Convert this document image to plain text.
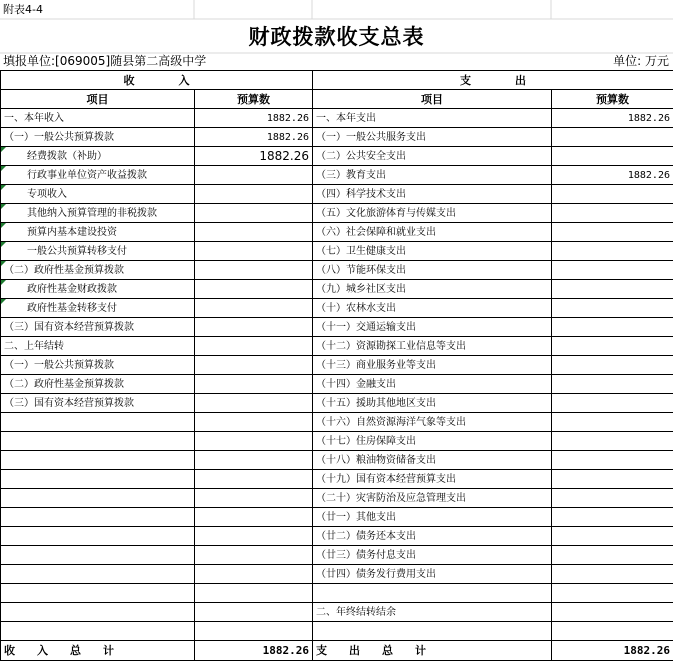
附表4-4
财政拨款收支总表
填报单位:[069005]随县第二高级中学	单位: 万元
收　　　　入		支　　　　出	
项目	预算数	项目	预算数
一、本年收入	1882.26	一、本年支出	1882.26
（一）一般公共预算拨款	1882.26	（一）一般公共服务支出	
经费拨款（补助）	1882.26	（二）公共安全支出	
行政事业单位资产收益拨款		（三）教育支出	1882.26
专项收入		（四）科学技术支出	
其他纳入预算管理的非税拨款		（五）文化旅游体育与传媒支出	
预算内基本建设投资		（六）社会保障和就业支出	
一般公共预算转移支付		（七）卫生健康支出	
（二）政府性基金预算拨款		（八）节能环保支出	
政府性基金财政拨款		（九）城乡社区支出	
政府性基金转移支付		（十）农林水支出	
（三）国有资本经营预算拨款		（十一）交通运输支出	
二、上年结转		（十二）资源勘探工业信息等支出	
（一）一般公共预算拨款		（十三）商业服务业等支出	
（二）政府性基金预算拨款		（十四）金融支出	
（三）国有资本经营预算拨款		（十五）援助其他地区支出	
		（十六）自然资源海洋气象等支出	
		（十七）住房保障支出	
		（十八）粮油物资储备支出	
		（十九）国有资本经营预算支出	
		（二十）灾害防治及应急管理支出	
		（廿一）其他支出	
		（廿二）债务还本支出	
		（廿三）债务付息支出	
		（廿四）债务发行费用支出	

		二、年终结转结余	

收　　入　　总　　计	1882.26	支　　出　　总　　计	1882.26
